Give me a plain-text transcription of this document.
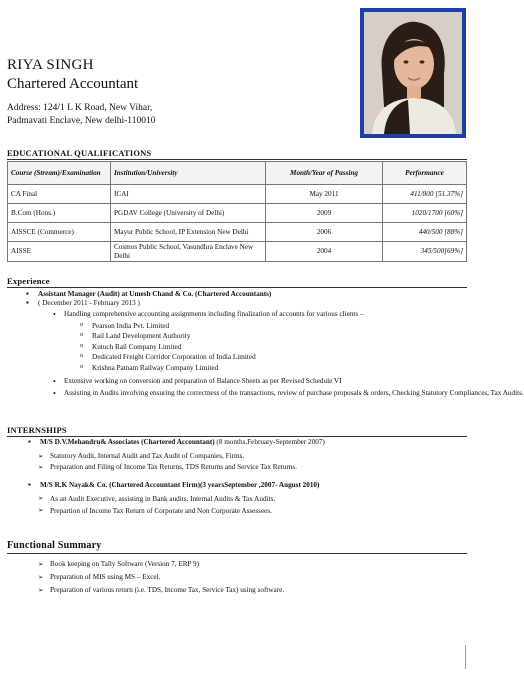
RIYA SINGH
Chartered Accountant
Address: 124/1 L K Road, New Vihar,
Padmavati Enclave, New delhi-110010
EDUCATIONAL QUALIFICATIONS
Course (Stream)/Examination	Institution/University	Month/Year of Passing	Performance
CA Final	ICAI	May 2011	411/800 [51.37%]
B.Com (Hons.)	PGDAV College (University of Delhi)	2009	1020/1700 [60%]
AISSCE (Commerce)	Mayur Public School, IP Extension New Delhi	2006	440/500 [88%]
AISSE	Cosmos Public School, Vasundhra Enclave New Delhi	2004	345/500[69%]
Experience
▪ Assistant Manager (Audit) at Umesh Chand & Co. (Chartered Accountants)
▪ ( December 2011 - February 2013 )
• Handling comprehensive accounting assignments including finalization of accounts for various clients –
o Pearson India Pvt. Limited
o Rail Land Development Authority
o Kutuch Rail Company Limited
o Dedicated Freight Corridor Corporation of India Limited
o Krishna Patnam Railway Company Limited
• Extensive working on conversion and preparation of Balance Sheets as per Revised Schedule VI
• Assisting in Audits involving ensuring the correctness of the transactions, review of purchase proposals & orders, Checking Statutory Compliances, Tax Audits.
INTERNSHIPS
▪ M/S D.V.Mehandru& Associates (Chartered Accountant) (8 months,February-September 2007)
➢ Statutory Audit, Internal Audit and Tax Audit of Companies, Firms.
➢ Preparation and Filing of Income Tax Returns, TDS Returns and Service Tax Returns.
▪ M/S R.K Nayak& Co. (Chartered Accountant Firm)(3 yearsSeptember ,2007- August 2010)
➢ As an Audit Executive, assisting in Bank audits, Internal Audits & Tax Audits.
➢ Prepartion of Income Tax Return of Corporate and Non Corporate Assessees.
Functional Summary
➢ Book keeping on Tally Software (Version 7, ERP 9)
➢ Preparation of MIS using MS – Excel.
➢ Preparation of various return (i.e. TDS, Income Tax, Service Tax) using software.
